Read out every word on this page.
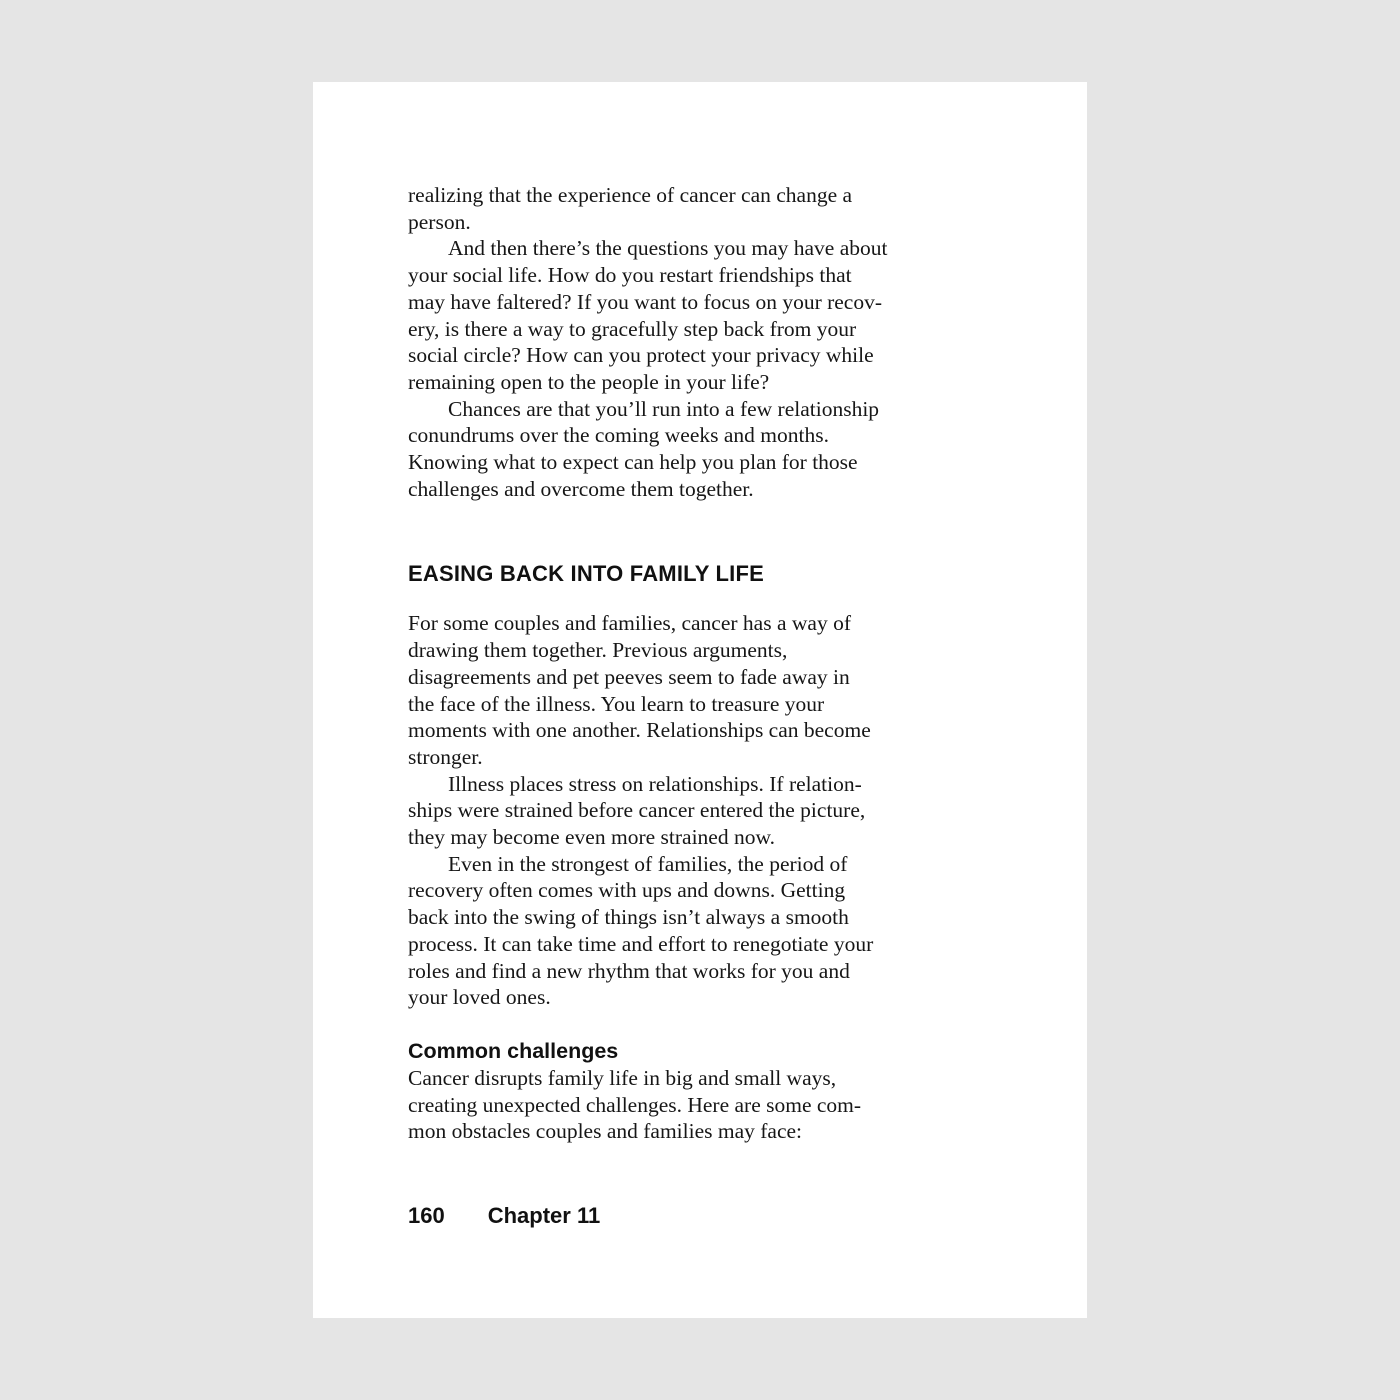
realizing that the experience of cancer can change a
person.
And then there’s the questions you may have about
your social life. How do you restart friendships that
may have faltered? If you want to focus on your recov-
ery, is there a way to gracefully step back from your
social circle? How can you protect your privacy while
remaining open to the people in your life?
Chances are that you’ll run into a few relationship
conundrums over the coming weeks and months.
Knowing what to expect can help you plan for those
challenges and overcome them together.
EASING BACK INTO FAMILY LIFE
For some couples and families, cancer has a way of
drawing them together. Previous arguments,
disagreements and pet peeves seem to fade away in
the face of the illness. You learn to treasure your
moments with one another. Relationships can become
stronger.
Illness places stress on relationships. If relation-
ships were strained before cancer entered the picture,
they may become even more strained now.
Even in the strongest of families, the period of
recovery often comes with ups and downs. Getting
back into the swing of things isn’t always a smooth
process. It can take time and effort to renegotiate your
roles and find a new rhythm that works for you and
your loved ones.
Common challenges
Cancer disrupts family life in big and small ways,
creating unexpected challenges. Here are some com-
mon obstacles couples and families may face:
160 Chapter 11
